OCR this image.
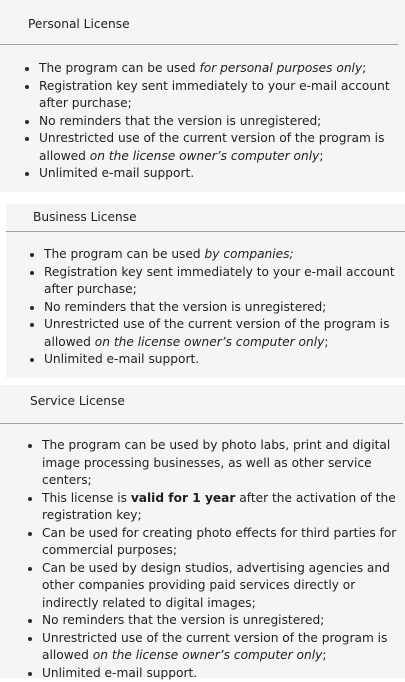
Personal License
The program can be used for personal purposes only;
Registration key sent immediately to your e-mail account after purchase;
No reminders that the version is unregistered;
Unrestricted use of the current version of the program is allowed on the license owner’s computer only;
Unlimited e-mail support.
Business License
The program can be used by companies;
Registration key sent immediately to your e-mail account after purchase;
No reminders that the version is unregistered;
Unrestricted use of the current version of the program is allowed on the license owner’s computer only;
Unlimited e-mail support.
Service License
The program can be used by photo labs, print and digital image processing businesses, as well as other service centers;
This license is valid for 1 year after the activation of the registration key;
Can be used for creating photo effects for third parties for commercial purposes;
Can be used by design studios, advertising agencies and other companies providing paid services directly or indirectly related to digital images;
No reminders that the version is unregistered;
Unrestricted use of the current version of the program is allowed on the license owner’s computer only;
Unlimited e-mail support.
